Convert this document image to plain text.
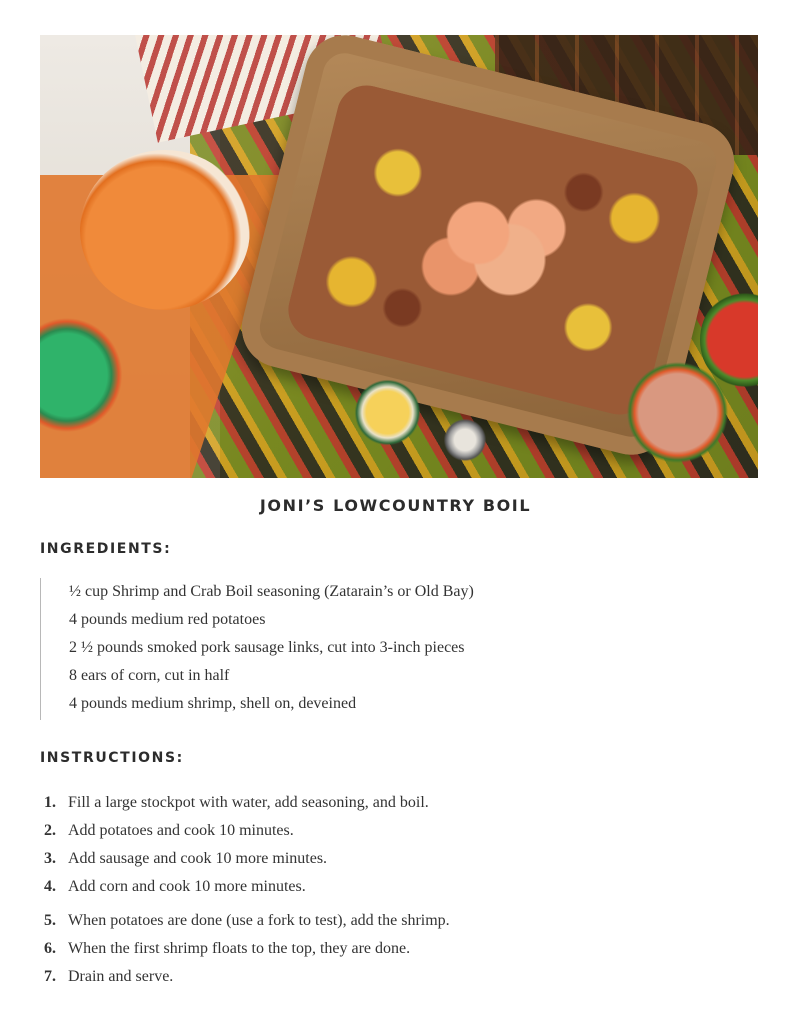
JONI’S LOWCOUNTRY BOIL
INGREDIENTS:
½ cup Shrimp and Crab Boil seasoning (Zatarain’s or Old Bay)
4 pounds medium red potatoes
2 ½ pounds smoked pork sausage links, cut into 3-inch pieces
8 ears of corn, cut in half
4 pounds medium shrimp, shell on, deveined
INSTRUCTIONS:
1. Fill a large stockpot with water, add seasoning, and boil.
2. Add potatoes and cook 10 minutes.
3. Add sausage and cook 10 more minutes.
4. Add corn and cook 10 more minutes.
5. When potatoes are done (use a fork to test), add the shrimp.
6. When the first shrimp floats to the top, they are done.
7. Drain and serve.
